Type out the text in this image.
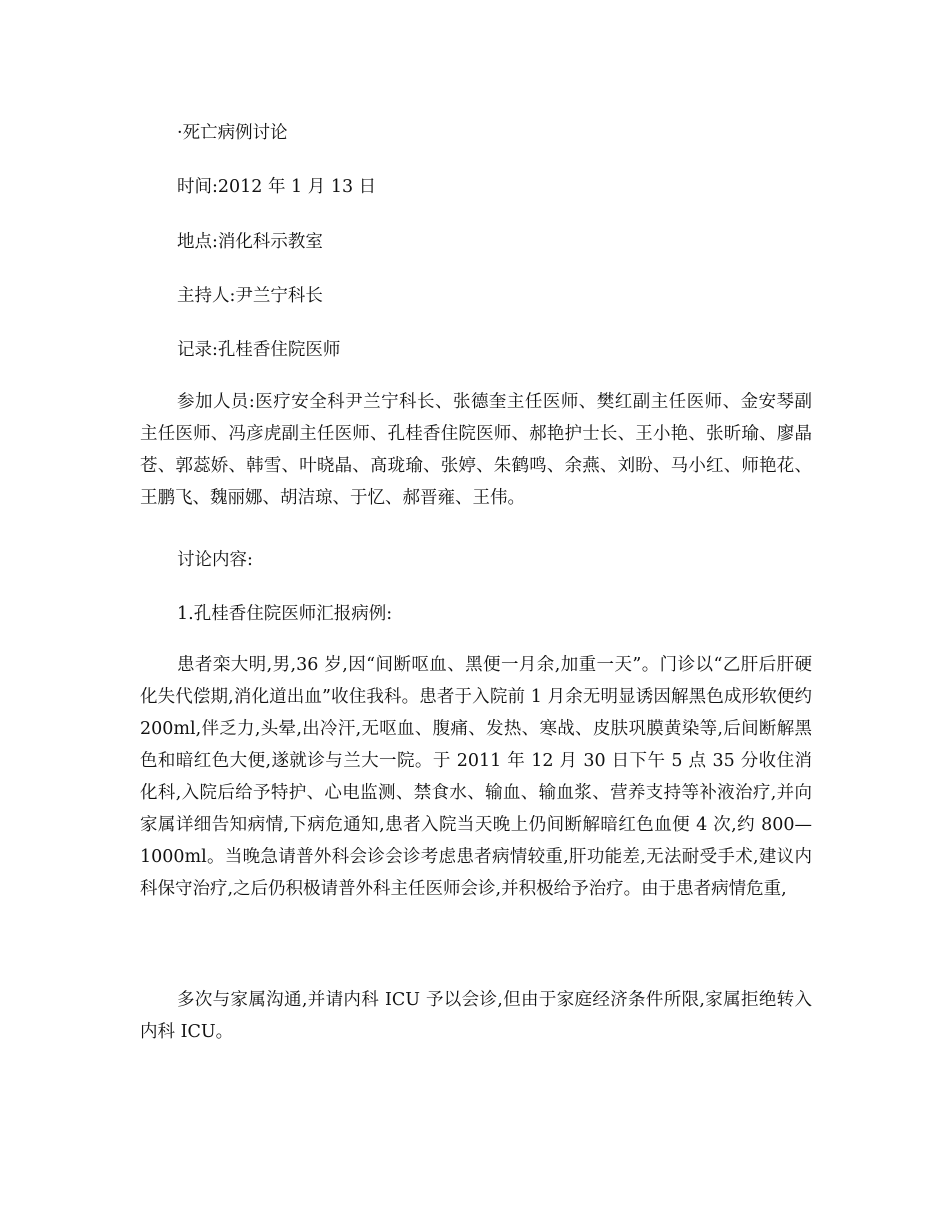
·死亡病例讨论
时间:2012 年 1 月 13 日
地点:消化科示教室
主持人:尹兰宁科长
记录:孔桂香住院医师
参加人员:医疗安全科尹兰宁科长、张德奎主任医师、樊红副主任医师、金安琴副主任医师、冯彦虎副主任医师、孔桂香住院医师、郝艳护士长、王小艳、张昕瑜、廖晶苍、郭蕊娇、韩雪、叶晓晶、髙珑瑜、张婷、朱鹤鸣、余燕、刘盼、马小红、师艳花、王鹏飞、魏丽娜、胡洁琼、于忆、郝晋雍、王伟。
讨论内容:
1.孔桂香住院医师汇报病例:
患者栾大明,男,36 岁,因“间断呕血、黑便一月余,加重一天”。门诊以“乙肝后肝硬化失代偿期,消化道出血”收住我科。患者于入院前 1 月余无明显诱因解黑色成形软便约 200ml,伴乏力,头晕,出冷汗,无呕血、腹痛、发热、寒战、皮肤巩膜黄染等,后间断解黑色和暗红色大便,遂就诊与兰大一院。于 2011 年 12 月 30 日下午 5 点 35 分收住消化科,入院后给予特护、心电监测、禁食水、输血、输血浆、营养支持等补液治疗,并向家属详细告知病情,下病危通知,患者入院当天晚上仍间断解暗红色血便 4 次,约 800—1000ml。当晚急请普外科会诊会诊考虑患者病情较重,肝功能差,无法耐受手术,建议内科保守治疗,之后仍积极请普外科主任医师会诊,并积极给予治疗。由于患者病情危重,
多次与家属沟通,并请内科 ICU 予以会诊,但由于家庭经济条件所限,家属拒绝转入内科 ICU。
